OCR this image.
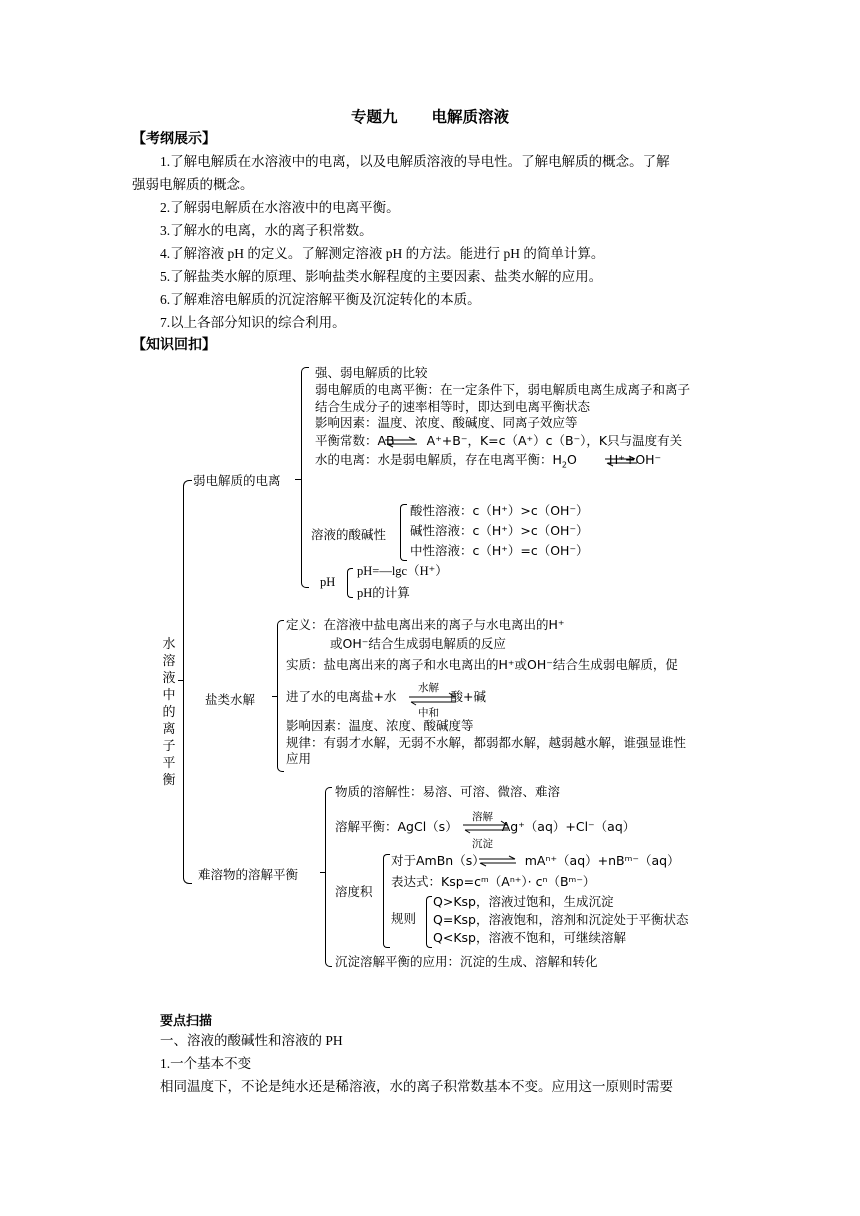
专题九 电解质溶液
【考纲展示】
1.了解电解质在水溶液中的电离，以及电解质溶液的导电性。了解电解质的概念。了解
强弱电解质的概念。
2.了解弱电解质在水溶液中的电离平衡。
3.了解水的电离，水的离子积常数。
4.了解溶液 pH 的定义。了解测定溶液 pH 的方法。能进行 pH 的简单计算。
5.了解盐类水解的原理、影响盐类水解程度的主要因素、盐类水解的应用。
6.了解难溶电解质的沉淀溶解平衡及沉淀转化的本质。
7.以上各部分知识的综合利用。
【知识回扣】
水溶液中的离子平衡
弱电解质的电离
强、弱电解质的比较
弱电解质的电离平衡：在一定条件下，弱电解质电离生成离子和离子
结合生成分子的速率相等时，即达到电离平衡状态
影响因素：温度、浓度、酸碱度、同离子效应等
平衡常数：AB	A⁺+B⁻，K=c（A⁺）c（B⁻），K只与温度有关
水的电离：水是弱电解质，存在电离平衡：$H_2O$	H⁺+OH⁻
溶液的酸碱性
酸性溶液：c（H⁺）>c（OH⁻）
碱性溶液：c（H⁺）>c（OH⁻）
中性溶液：c（H⁺）=c（OH⁻）
pH
pH=—lgc（H⁺）
pH的计算
盐类水解
定义：在溶液中盐电离出来的离子与水电离出的H⁺
或OH⁻结合生成弱电解质的反应
实质：盐电离出来的离子和水电离出的H⁺或OH⁻结合生成弱电解质，促
进了水的电离盐+水	酸+碱
水解
中和
影响因素：温度、浓度、酸碱度等
规律：有弱才水解，无弱不水解，都弱都水解，越弱越水解，谁强显谁性
应用
难溶物的溶解平衡
物质的溶解性：易溶、可溶、微溶、难溶
溶解平衡：AgCl（s）	Ag⁺（aq）+Cl⁻（aq）
溶解
沉淀
溶度积
对于AmBn（s）	mAⁿ⁺（aq）+nBᵐ⁻（aq）
表达式：Ksp=cᵐ（Aⁿ⁺）· cⁿ（Bᵐ⁻）
规则
Q>Ksp，溶液过饱和，生成沉淀
Q=Ksp，溶液饱和，溶剂和沉淀处于平衡状态
Q<Ksp，溶液不饱和，可继续溶解
沉淀溶解平衡的应用：沉淀的生成、溶解和转化
要点扫描
一、溶液的酸碱性和溶液的 PH
1.一个基本不变
相同温度下，不论是纯水还是稀溶液，水的离子积常数基本不变。应用这一原则时需要
